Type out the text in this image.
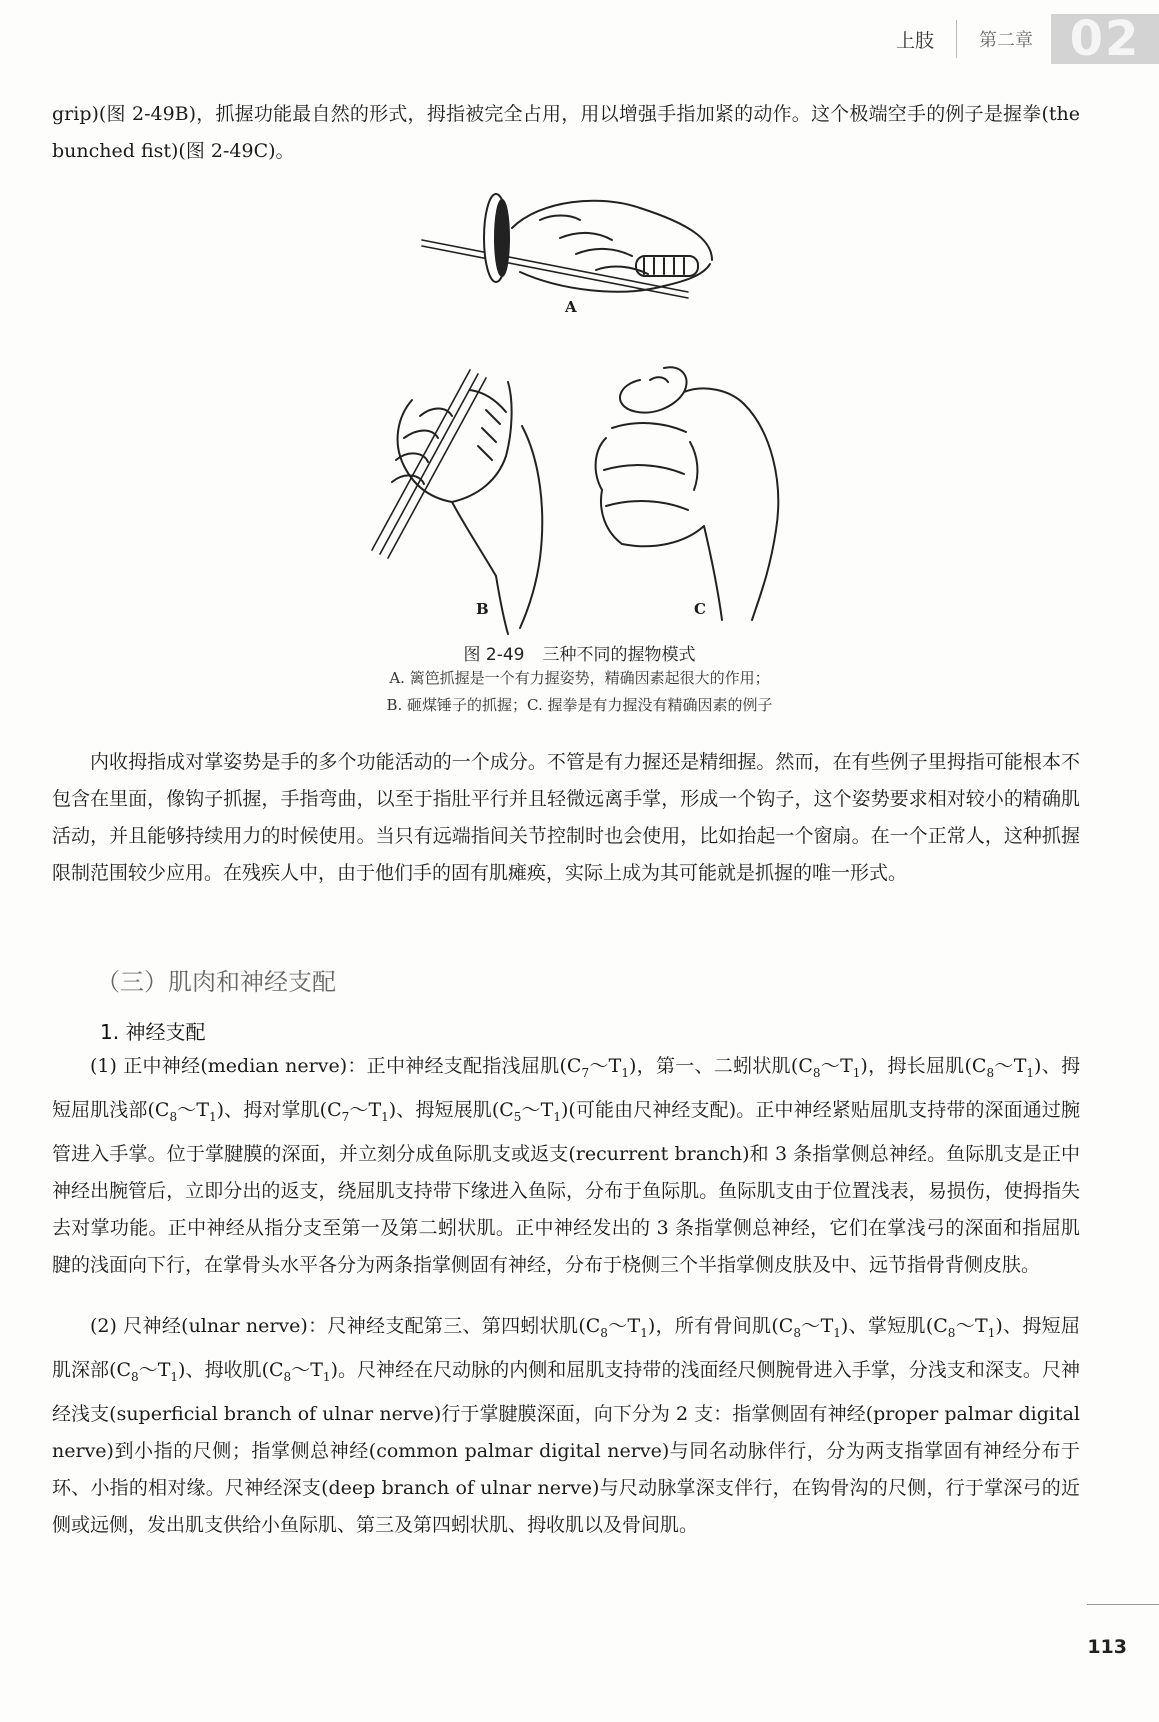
上肢	第二章 02

grip)(图 2-49B)，抓握功能最自然的形式，拇指被完全占用，用以增强手指加紧的动作。这个极端空手的例子是握拳(the bunched fist)(图 2-49C)。

A
B	C
图 2-49 三种不同的握物模式
A. 篱笆抓握是一个有力握姿势，精确因素起很大的作用；
B. 砸煤锤子的抓握；C. 握拳是有力握没有精确因素的例子

内收拇指成对掌姿势是手的多个功能活动的一个成分。不管是有力握还是精细握。然而，在有些例子里拇指可能根本不包含在里面，像钩子抓握，手指弯曲，以至于指肚平行并且轻微远离手掌，形成一个钩子，这个姿势要求相对较小的精确肌活动，并且能够持续用力的时候使用。当只有远端指间关节控制时也会使用，比如抬起一个窗扇。在一个正常人，这种抓握限制范围较少应用。在残疾人中，由于他们手的固有肌瘫痪，实际上成为其可能就是抓握的唯一形式。

（三）肌肉和神经支配
1. 神经支配

(1) 正中神经(median nerve)：正中神经支配指浅屈肌$(C_7\sim T_1)$，第一、二蚓状肌$(C_8\sim T_1)$，拇长屈肌$(C_8\sim T_1)$、拇短屈肌浅部$(C_8\sim T_1)$、拇对掌肌$(C_7\sim T_1)$、拇短展肌$(C_5\sim T_1)$(可能由尺神经支配)。正中神经紧贴屈肌支持带的深面通过腕管进入手掌。位于掌腱膜的深面，并立刻分成鱼际肌支或返支(recurrent branch)和 3 条指掌侧总神经。鱼际肌支是正中神经出腕管后，立即分出的返支，绕屈肌支持带下缘进入鱼际，分布于鱼际肌。鱼际肌支由于位置浅表，易损伤，使拇指失去对掌功能。正中神经从指分支至第一及第二蚓状肌。正中神经发出的 3 条指掌侧总神经，它们在掌浅弓的深面和指屈肌腱的浅面向下行，在掌骨头水平各分为两条指掌侧固有神经，分布于桡侧三个半指掌侧皮肤及中、远节指骨背侧皮肤。

(2) 尺神经(ulnar nerve)：尺神经支配第三、第四蚓状肌$(C_8\sim T_1)$，所有骨间肌$(C_8\sim T_1)$、掌短肌$(C_8\sim T_1)$、拇短屈肌深部$(C_8\sim T_1)$、拇收肌$(C_8\sim T_1)$。尺神经在尺动脉的内侧和屈肌支持带的浅面经尺侧腕骨进入手掌，分浅支和深支。尺神经浅支(superficial branch of ulnar nerve)行于掌腱膜深面，向下分为 2 支：指掌侧固有神经(proper palmar digital nerve)到小指的尺侧；指掌侧总神经(common palmar digital nerve)与同名动脉伴行，分为两支指掌固有神经分布于环、小指的相对缘。尺神经深支(deep branch of ulnar nerve)与尺动脉掌深支伴行，在钩骨沟的尺侧，行于掌深弓的近侧或远侧，发出肌支供给小鱼际肌、第三及第四蚓状肌、拇收肌以及骨间肌。

113
